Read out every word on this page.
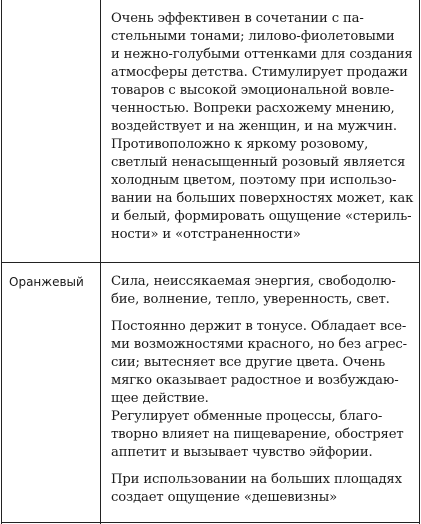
Очень эффективен в сочетании с па-
стельными тонами; лилово-фиолетовыми
и нежно-голубыми оттенками для создания
атмосферы детства. Стимулирует продажи
товаров с высокой эмоциональной вовле-
ченностью. Вопреки расхожему мнению,
воздействует и на женщин, и на мужчин.
Противоположно к яркому розовому,
светлый ненасыщенный розовый является
холодным цветом, поэтому при использо-
вании на больших поверхностях может, как
и белый, формировать ощущение «стериль-
ности» и «отстраненности»

Оранжевый	Сила, неиссякаемая энергия, свободолю-
бие, волнение, тепло, уверенность, свет.

Постоянно держит в тонусе. Обладает все-
ми возможностями красного, но без агрес-
сии; вытесняет все другие цвета. Очень
мягко оказывает радостное и возбуждаю-
щее действие.
Регулирует обменные процессы, благо-
творно влияет на пищеварение, обостряет
аппетит и вызывает чувство эйфории.

При использовании на больших площадях
создает ощущение «дешевизны»
